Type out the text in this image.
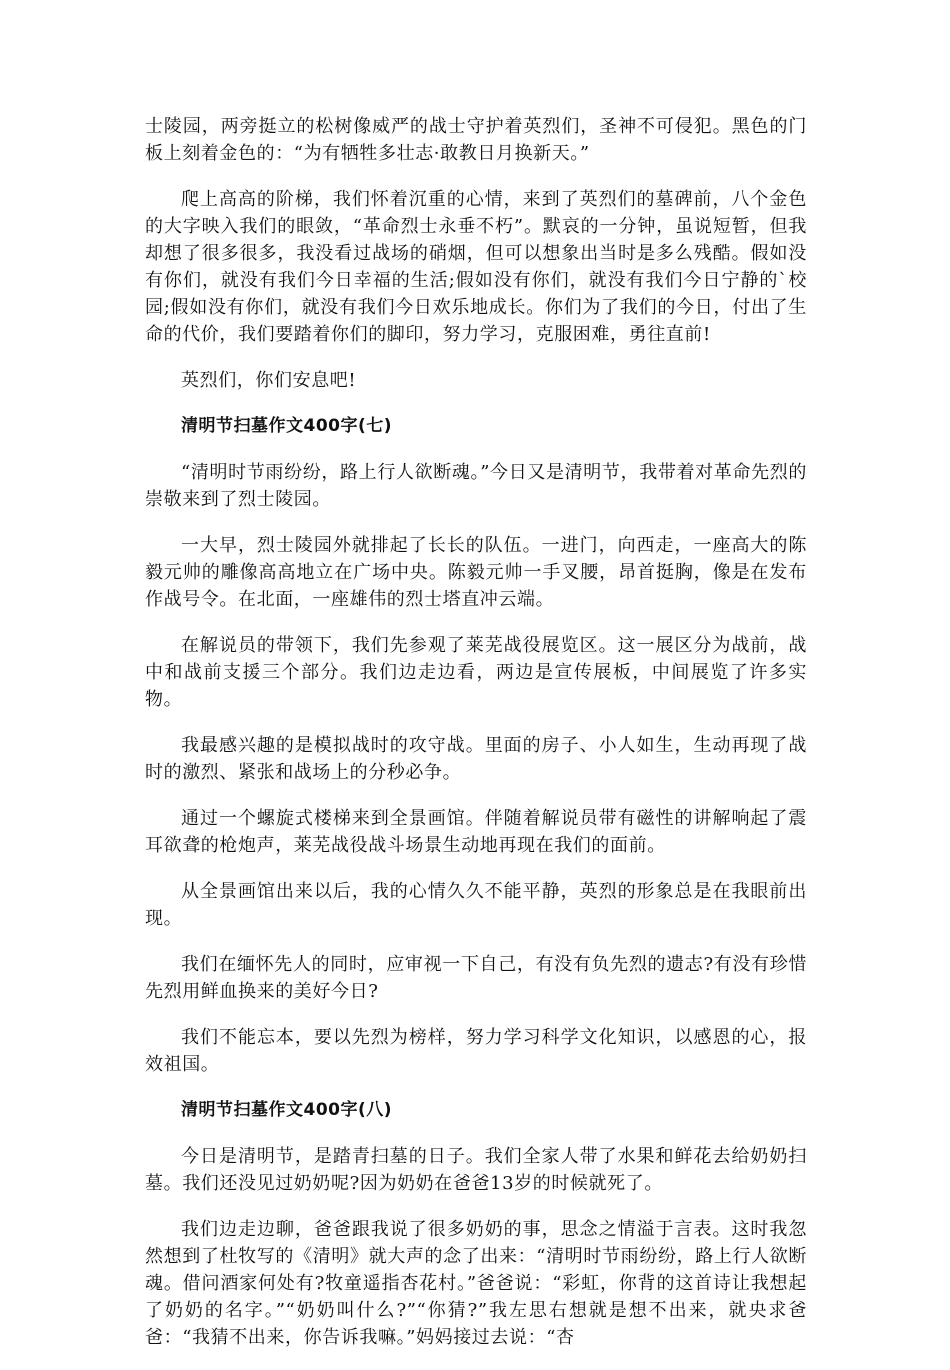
士陵园，两旁挺立的松树像威严的战士守护着英烈们，圣神不可侵犯。黑色的门板上刻着金色的：“为有牺牲多壮志·敢教日月换新天。”

爬上高高的阶梯，我们怀着沉重的心情，来到了英烈们的墓碑前，八个金色的大字映入我们的眼敛，“革命烈士永垂不朽”。默哀的一分钟，虽说短暂，但我却想了很多很多，我没看过战场的硝烟，但可以想象出当时是多么残酷。假如没有你们，就没有我们今日幸福的生活;假如没有你们，就没有我们今日宁静的`校园;假如没有你们，就没有我们今日欢乐地成长。你们为了我们的今日，付出了生命的代价，我们要踏着你们的脚印，努力学习，克服困难，勇往直前!

英烈们，你们安息吧!

清明节扫墓作文400字(七)

“清明时节雨纷纷，路上行人欲断魂。”今日又是清明节，我带着对革命先烈的崇敬来到了烈士陵园。

一大早，烈士陵园外就排起了长长的队伍。一进门，向西走，一座高大的陈毅元帅的雕像高高地立在广场中央。陈毅元帅一手叉腰，昂首挺胸，像是在发布作战号令。在北面，一座雄伟的烈士塔直冲云端。

在解说员的带领下，我们先参观了莱芜战役展览区。这一展区分为战前，战中和战前支援三个部分。我们边走边看，两边是宣传展板，中间展览了许多实物。

我最感兴趣的是模拟战时的攻守战。里面的房子、小人如生，生动再现了战时的激烈、紧张和战场上的分秒必争。

通过一个螺旋式楼梯来到全景画馆。伴随着解说员带有磁性的讲解响起了震耳欲聋的枪炮声，莱芜战役战斗场景生动地再现在我们的面前。

从全景画馆出来以后，我的心情久久不能平静，英烈的形象总是在我眼前出现。

我们在缅怀先人的同时，应审视一下自己，有没有负先烈的遗志?有没有珍惜先烈用鲜血换来的美好今日?

我们不能忘本，要以先烈为榜样，努力学习科学文化知识，以感恩的心，报效祖国。

清明节扫墓作文400字(八)

今日是清明节，是踏青扫墓的日子。我们全家人带了水果和鲜花去给奶奶扫墓。我们还没见过奶奶呢?因为奶奶在爸爸13岁的时候就死了。

我们边走边聊，爸爸跟我说了很多奶奶的事，思念之情溢于言表。这时我忽然想到了杜牧写的《清明》就大声的念了出来：“清明时节雨纷纷，路上行人欲断魂。借问酒家何处有?牧童遥指杏花村。”爸爸说：“彩虹，你背的这首诗让我想起了奶奶的名字。”“奶奶叫什么?”“你猜?”我左思右想就是想不出来，就央求爸爸：“我猜不出来，你告诉我嘛。”妈妈接过去说：“杏
